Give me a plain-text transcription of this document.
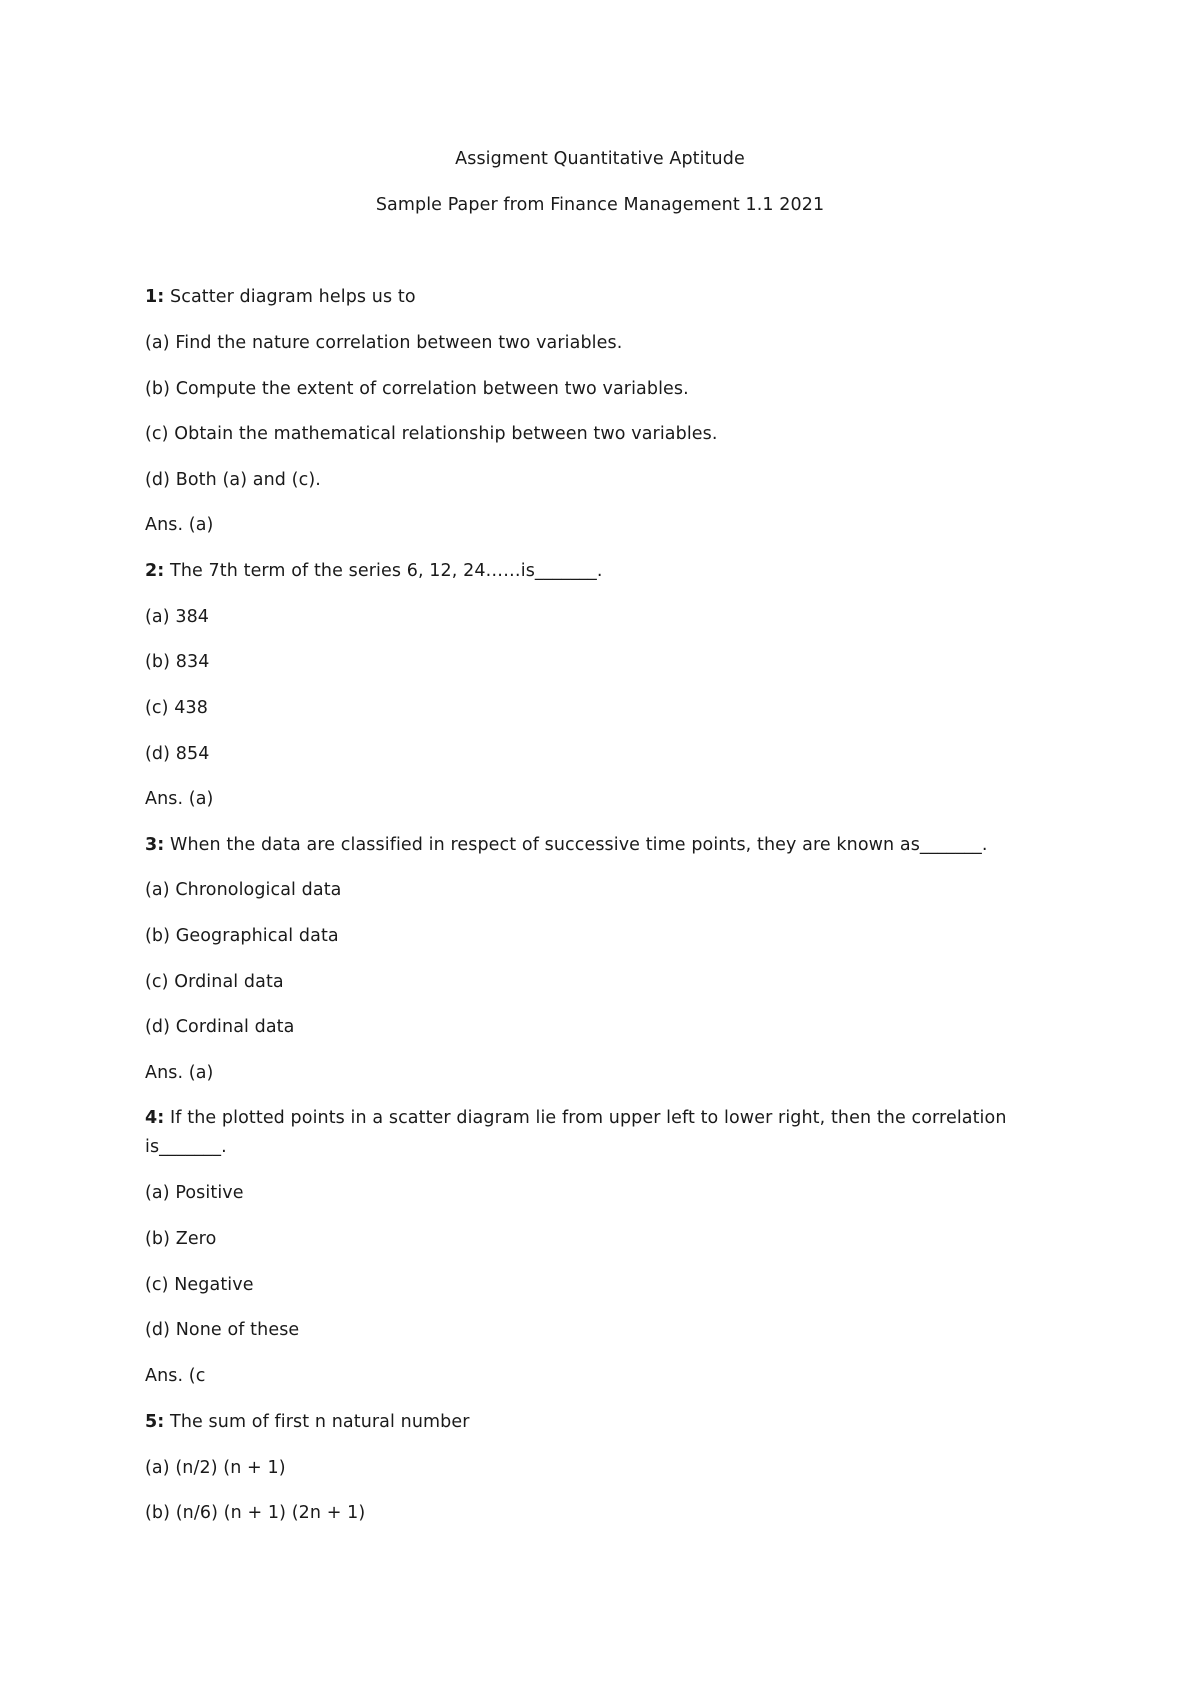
Assigment Quantitative Aptitude
Sample Paper from Finance Management 1.1 2021
1: Scatter diagram helps us to
(a) Find the nature correlation between two variables.
(b) Compute the extent of correlation between two variables.
(c) Obtain the mathematical relationship between two variables.
(d) Both (a) and (c).
Ans. (a)
2: The 7th term of the series 6, 12, 24……is_______.
(a) 384
(b) 834
(c) 438
(d) 854
Ans. (a)
3: When the data are classified in respect of successive time points, they are known as_______.
(a) Chronological data
(b) Geographical data
(c) Ordinal data
(d) Cordinal data
Ans. (a)
4: If the plotted points in a scatter diagram lie from upper left to lower right, then the correlation is_______.
(a) Positive
(b) Zero
(c) Negative
(d) None of these
Ans. (c
5: The sum of first n natural number
(a) (n/2) (n + 1)
(b) (n/6) (n + 1) (2n + 1)
